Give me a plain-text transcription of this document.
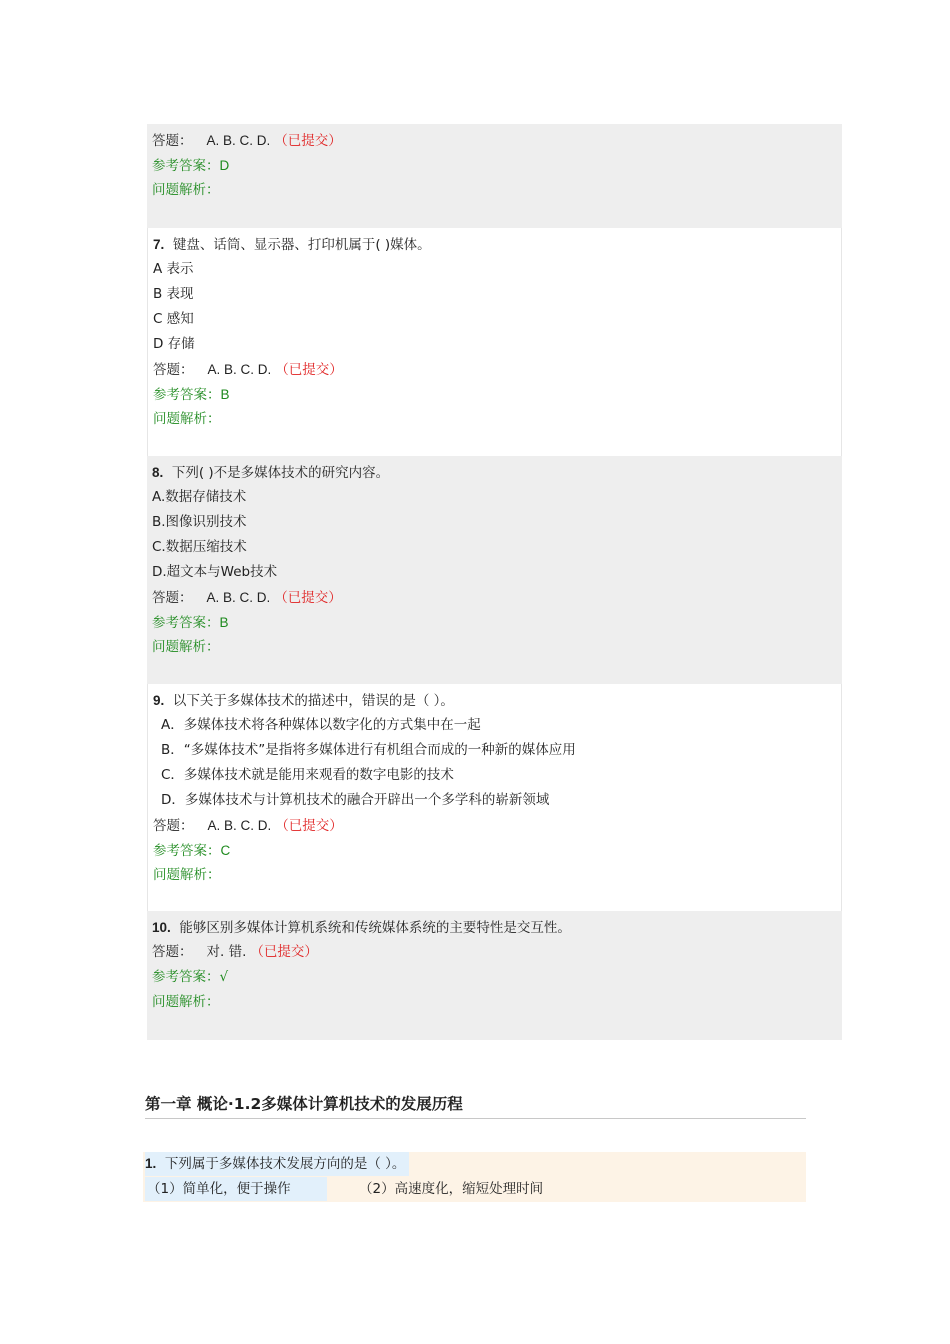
答题： A. B. C. D. （已提交）
参考答案：D
问题解析：
7. 键盘、话筒、显示器、打印机属于( )媒体。
A 表示
B 表现
C 感知
D 存储
答题： A. B. C. D. （已提交）
参考答案：B
问题解析：
8. 下列( )不是多媒体技术的研究内容。
A.数据存储技术
B.图像识别技术
C.数据压缩技术
D.超文本与Web技术
答题： A. B. C. D. （已提交）
参考答案：B
问题解析：
9. 以下关于多媒体技术的描述中，错误的是（ ）。
A．多媒体技术将各种媒体以数字化的方式集中在一起
B．“多媒体技术”是指将多媒体进行有机组合而成的一种新的媒体应用
C．多媒体技术就是能用来观看的数字电影的技术
D．多媒体技术与计算机技术的融合开辟出一个多学科的崭新领域
答题： A. B. C. D. （已提交）
参考答案：C
问题解析：
10. 能够区别多媒体计算机系统和传统媒体系统的主要特性是交互性。
答题： 对. 错. （已提交）
参考答案：√
问题解析：
第一章 概论·1.2多媒体计算机技术的发展历程
1. 下列属于多媒体技术发展方向的是（ ）。
（1）简单化，便于操作	（2）高速度化，缩短处理时间
